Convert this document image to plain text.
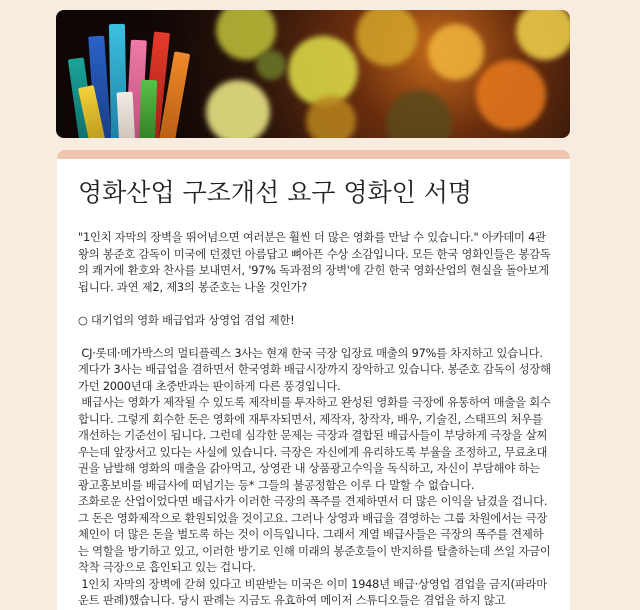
영화산업 구조개선 요구 영화인 서명
"1인치 자막의 장벽을 뛰어넘으면 여러분은 훨씬 더 많은 영화를 만날 수 있습니다." 아카데미 4관왕의 봉준호 감독이 미국에 던졌던 아름답고 뼈아픈 수상 소감입니다. 모든 한국 영화인들은 봉감독의 쾌거에 환호와 찬사를 보내면서, '97% 독과점의 장벽'에 갇힌 한국 영화산업의 현실을 돌아보게 됩니다. 과연 제2, 제3의 봉준호는 나올 것인가?

○ 대기업의 영화 배급업과 상영업 겸업 제한!

CJ·롯데·메가박스의 멀티플렉스 3사는 현재 한국 극장 입장료 매출의 97%를 차지하고 있습니다. 게다가 3사는 배급업을 겸하면서 한국영화 배급시장까지 장악하고 있습니다. 봉준호 감독이 성장해가던 2000년대 초중반과는 판이하게 다른 풍경입니다.
배급사는 영화가 제작될 수 있도록 제작비를 투자하고 완성된 영화를 극장에 유통하여 매출을 회수합니다. 그렇게 회수한 돈은 영화에 재투자되면서, 제작자, 창작자, 배우, 기술진, 스태프의 처우를 개선하는 기준선이 됩니다. 그런데 심각한 문제는 극장과 결합된 배급사들이 부당하게 극장을 살찌우는데 앞장서고 있다는 사실에 있습니다. 극장은 자신에게 유리하도록 부율을 조정하고, 무료초대권을 남발해 영화의 매출을 갉아먹고, 상영관 내 상품광고수익을 독식하고, 자신이 부담해야 하는 광고홍보비를 배급사에 떠넘기는 등* 그들의 불공정함은 이루 다 말할 수 없습니다.
조화로운 산업이었다면 배급사가 이러한 극장의 폭주를 견제하면서 더 많은 이익을 남겼을 겁니다. 그 돈은 영화제작으로 환원되었을 것이고요. 그러나 상영과 배급을 겸영하는 그룹 차원에서는 극장체인이 더 많은 돈을 벌도록 하는 것이 이득입니다. 그래서 계열 배급사들은 극장의 폭주를 견제하는 역할을 방기하고 있고, 이러한 방기로 인해 미래의 봉준호들이 반지하를 탈출하는데 쓰일 자금이 착착 극장으로 흡인되고 있는 겁니다.
1인치 자막의 장벽에 갇혀 있다고 비판받는 미국은 이미 1948년 배급·상영업 겸업을 금지(파라마운트 판례)했습니다. 당시 판례는 지금도 유효하여 메이저 스튜디오들은 겸업을 하지 않고
